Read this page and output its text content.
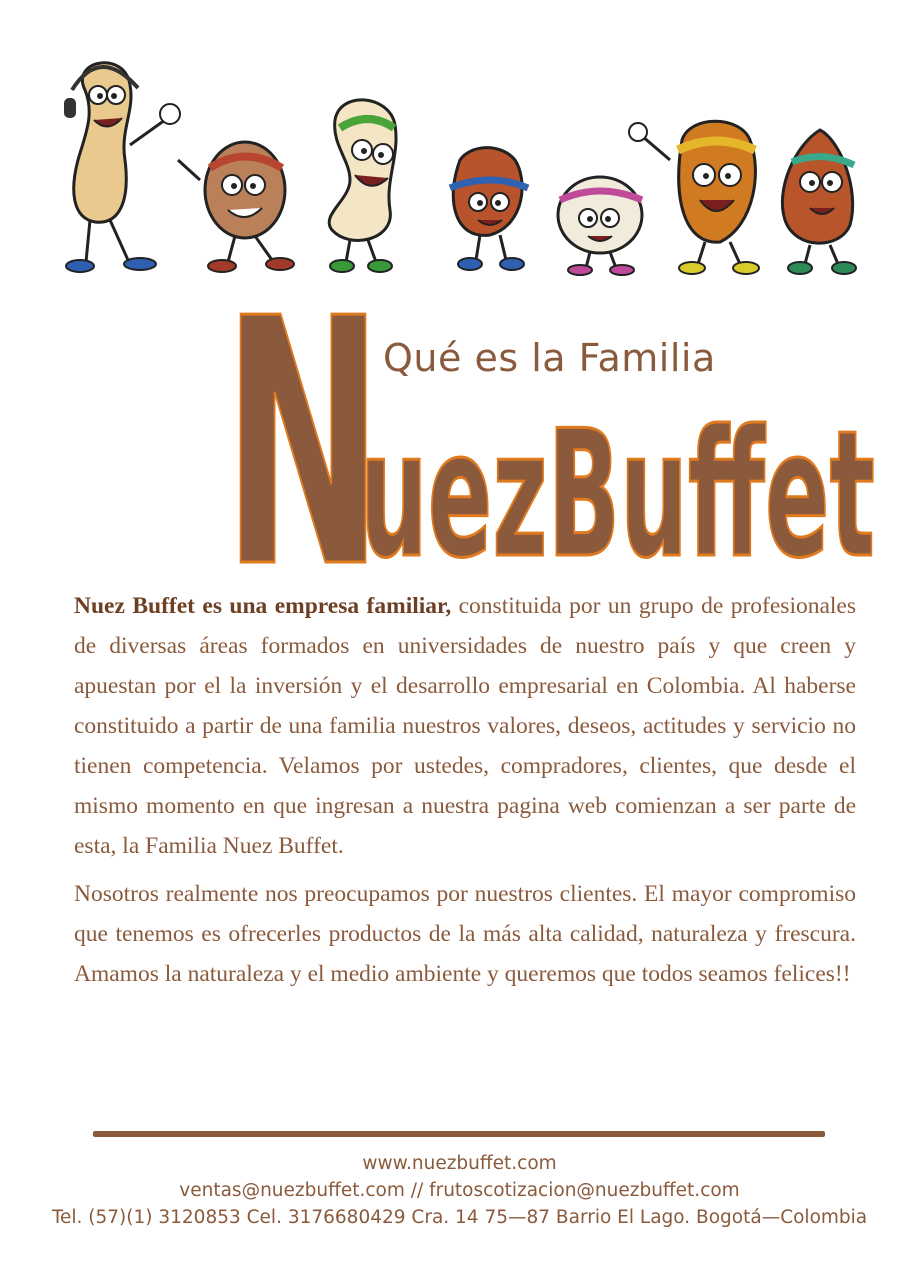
N Qué es la Familia
uezBuffet

Nuez Buffet es una empresa familiar, constituida por un grupo de profesionales de diversas áreas formados en universidades de nuestro país y que creen y apuestan por el la inversión y el desarrollo empresarial en Colombia. Al haberse constituido a partir de una familia nuestros valores, deseos, actitudes y servicio no tienen competencia. Velamos por ustedes, compradores, clientes, que desde el mismo momento en que ingresan a nuestra pagina web comienzan a ser parte de esta, la Familia Nuez Buffet.

Nosotros realmente nos preocupamos por nuestros clientes. El mayor compromiso que tenemos es ofrecerles productos de la más alta calidad, naturaleza y frescura. Amamos la naturaleza y el medio ambiente y queremos que todos seamos felices!!

www.nuezbuffet.com
ventas@nuezbuffet.com // frutoscotizacion@nuezbuffet.com
Tel. (57)(1) 3120853 Cel. 3176680429 Cra. 14 75—87 Barrio El Lago. Bogotá—Colombia
